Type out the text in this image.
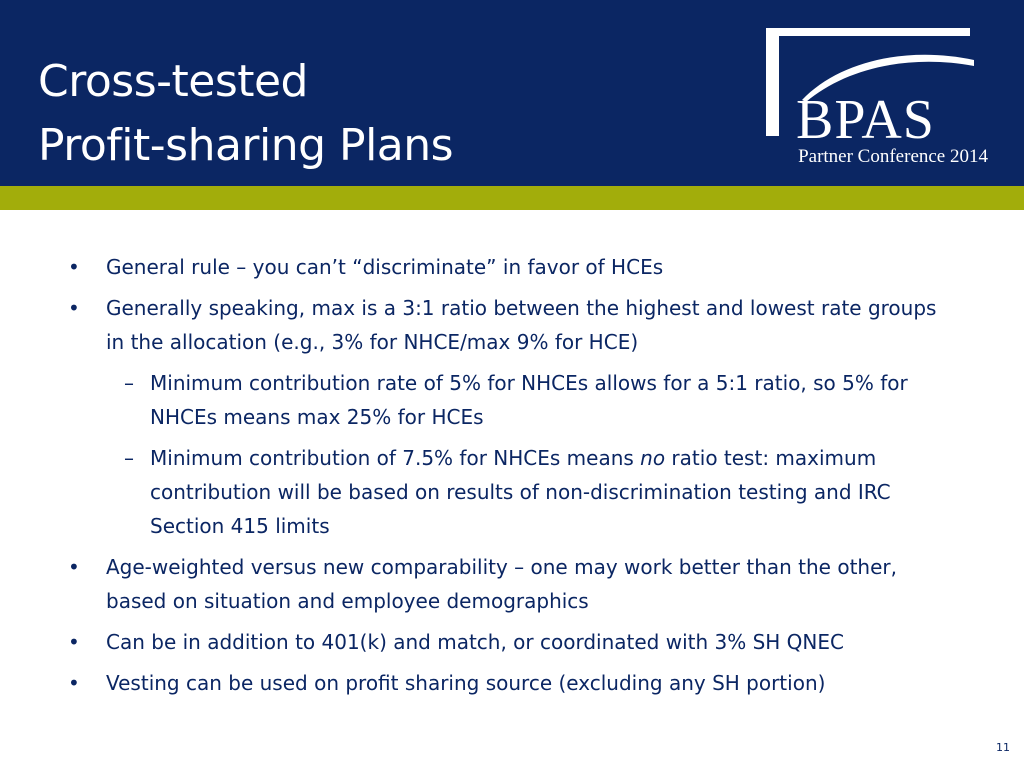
Cross-tested
Profit-sharing Plans	BPAS
Partner Conference 2014
• General rule – you can’t “discriminate” in favor of HCEs
• Generally speaking, max is a 3:1 ratio between the highest and lowest rate groups in the allocation (e.g., 3% for NHCE/max 9% for HCE)
– Minimum contribution rate of 5% for NHCEs allows for a 5:1 ratio, so 5% for NHCEs means max 25% for HCEs
– Minimum contribution of 7.5% for NHCEs means no ratio test: maximum contribution will be based on results of non-discrimination testing and IRC Section 415 limits
• Age-weighted versus new comparability – one may work better than the other, based on situation and employee demographics
• Can be in addition to 401(k) and match, or coordinated with 3% SH QNEC
• Vesting can be used on profit sharing source (excluding any SH portion)
11
